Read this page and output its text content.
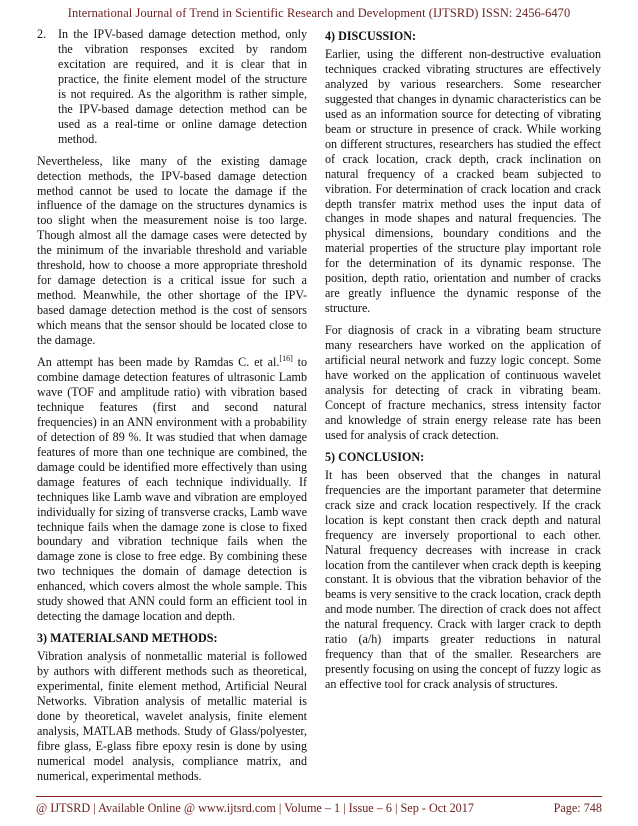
International Journal of Trend in Scientific Research and Development (IJTSRD) ISSN: 2456-6470
2. In the IPV-based damage detection method, only the vibration responses excited by random excitation are required, and it is clear that in practice, the finite element model of the structure is not required. As the algorithm is rather simple, the IPV-based damage detection method can be used as a real-time or online damage detection method.

Nevertheless, like many of the existing damage detection methods, the IPV-based damage detection method cannot be used to locate the damage if the influence of the damage on the structures dynamics is too slight when the measurement noise is too large. Though almost all the damage cases were detected by the minimum of the invariable threshold and variable threshold, how to choose a more appropriate threshold for damage detection is a critical issue for such a method. Meanwhile, the other shortage of the IPV-based damage detection method is the cost of sensors which means that the sensor should be located close to the damage.

An attempt has been made by Ramdas C. et al.[16] to combine damage detection features of ultrasonic Lamb wave (TOF and amplitude ratio) with vibration based technique features (first and second natural frequencies) in an ANN environment with a probability of detection of 89 %. It was studied that when damage features of more than one technique are combined, the damage could be identified more effectively than using damage features of each technique individually. If techniques like Lamb wave and vibration are employed individually for sizing of transverse cracks, Lamb wave technique fails when the damage zone is close to fixed boundary and vibration technique fails when the damage zone is close to free edge. By combining these two techniques the domain of damage detection is enhanced, which covers almost the whole sample. This study showed that ANN could form an efficient tool in detecting the damage location and depth.

3) MATERIALSAND METHODS:

Vibration analysis of nonmetallic material is followed by authors with different methods such as theoretical, experimental, finite element method, Artificial Neural Networks. Vibration analysis of metallic material is done by theoretical, wavelet analysis, finite element analysis, MATLAB methods. Study of Glass/polyester, fibre glass, E-glass fibre epoxy resin is done by using numerical model analysis, compliance matrix, and numerical, experimental methods.

4) DISCUSSION:

Earlier, using the different non-destructive evaluation techniques cracked vibrating structures are effectively analyzed by various researchers. Some researcher suggested that changes in dynamic characteristics can be used as an information source for detecting of vibrating beam or structure in presence of crack. While working on different structures, researchers has studied the effect of crack location, crack depth, crack inclination on natural frequency of a cracked beam subjected to vibration. For determination of crack location and crack depth transfer matrix method uses the input data of changes in mode shapes and natural frequencies. The physical dimensions, boundary conditions and the material properties of the structure play important role for the determination of its dynamic response. The position, depth ratio, orientation and number of cracks are greatly influence the dynamic response of the structure.

For diagnosis of crack in a vibrating beam structure many researchers have worked on the application of artificial neural network and fuzzy logic concept. Some have worked on the application of continuous wavelet analysis for detecting of crack in vibrating beam. Concept of fracture mechanics, stress intensity factor and knowledge of strain energy release rate has been used for analysis of crack detection.

5) CONCLUSION:

It has been observed that the changes in natural frequencies are the important parameter that determine crack size and crack location respectively. If the crack location is kept constant then crack depth and natural frequency are inversely proportional to each other. Natural frequency decreases with increase in crack location from the cantilever when crack depth is keeping constant. It is obvious that the vibration behavior of the beams is very sensitive to the crack location, crack depth and mode number. The direction of crack does not affect the natural frequency. Crack with larger crack to depth ratio (a/h) imparts greater reductions in natural frequency than that of the smaller. Researchers are presently focusing on using the concept of fuzzy logic as an effective tool for crack analysis of structures.

@ IJTSRD | Available Online @ www.ijtsrd.com | Volume – 1 | Issue – 6 | Sep - Oct 2017	Page: 748
